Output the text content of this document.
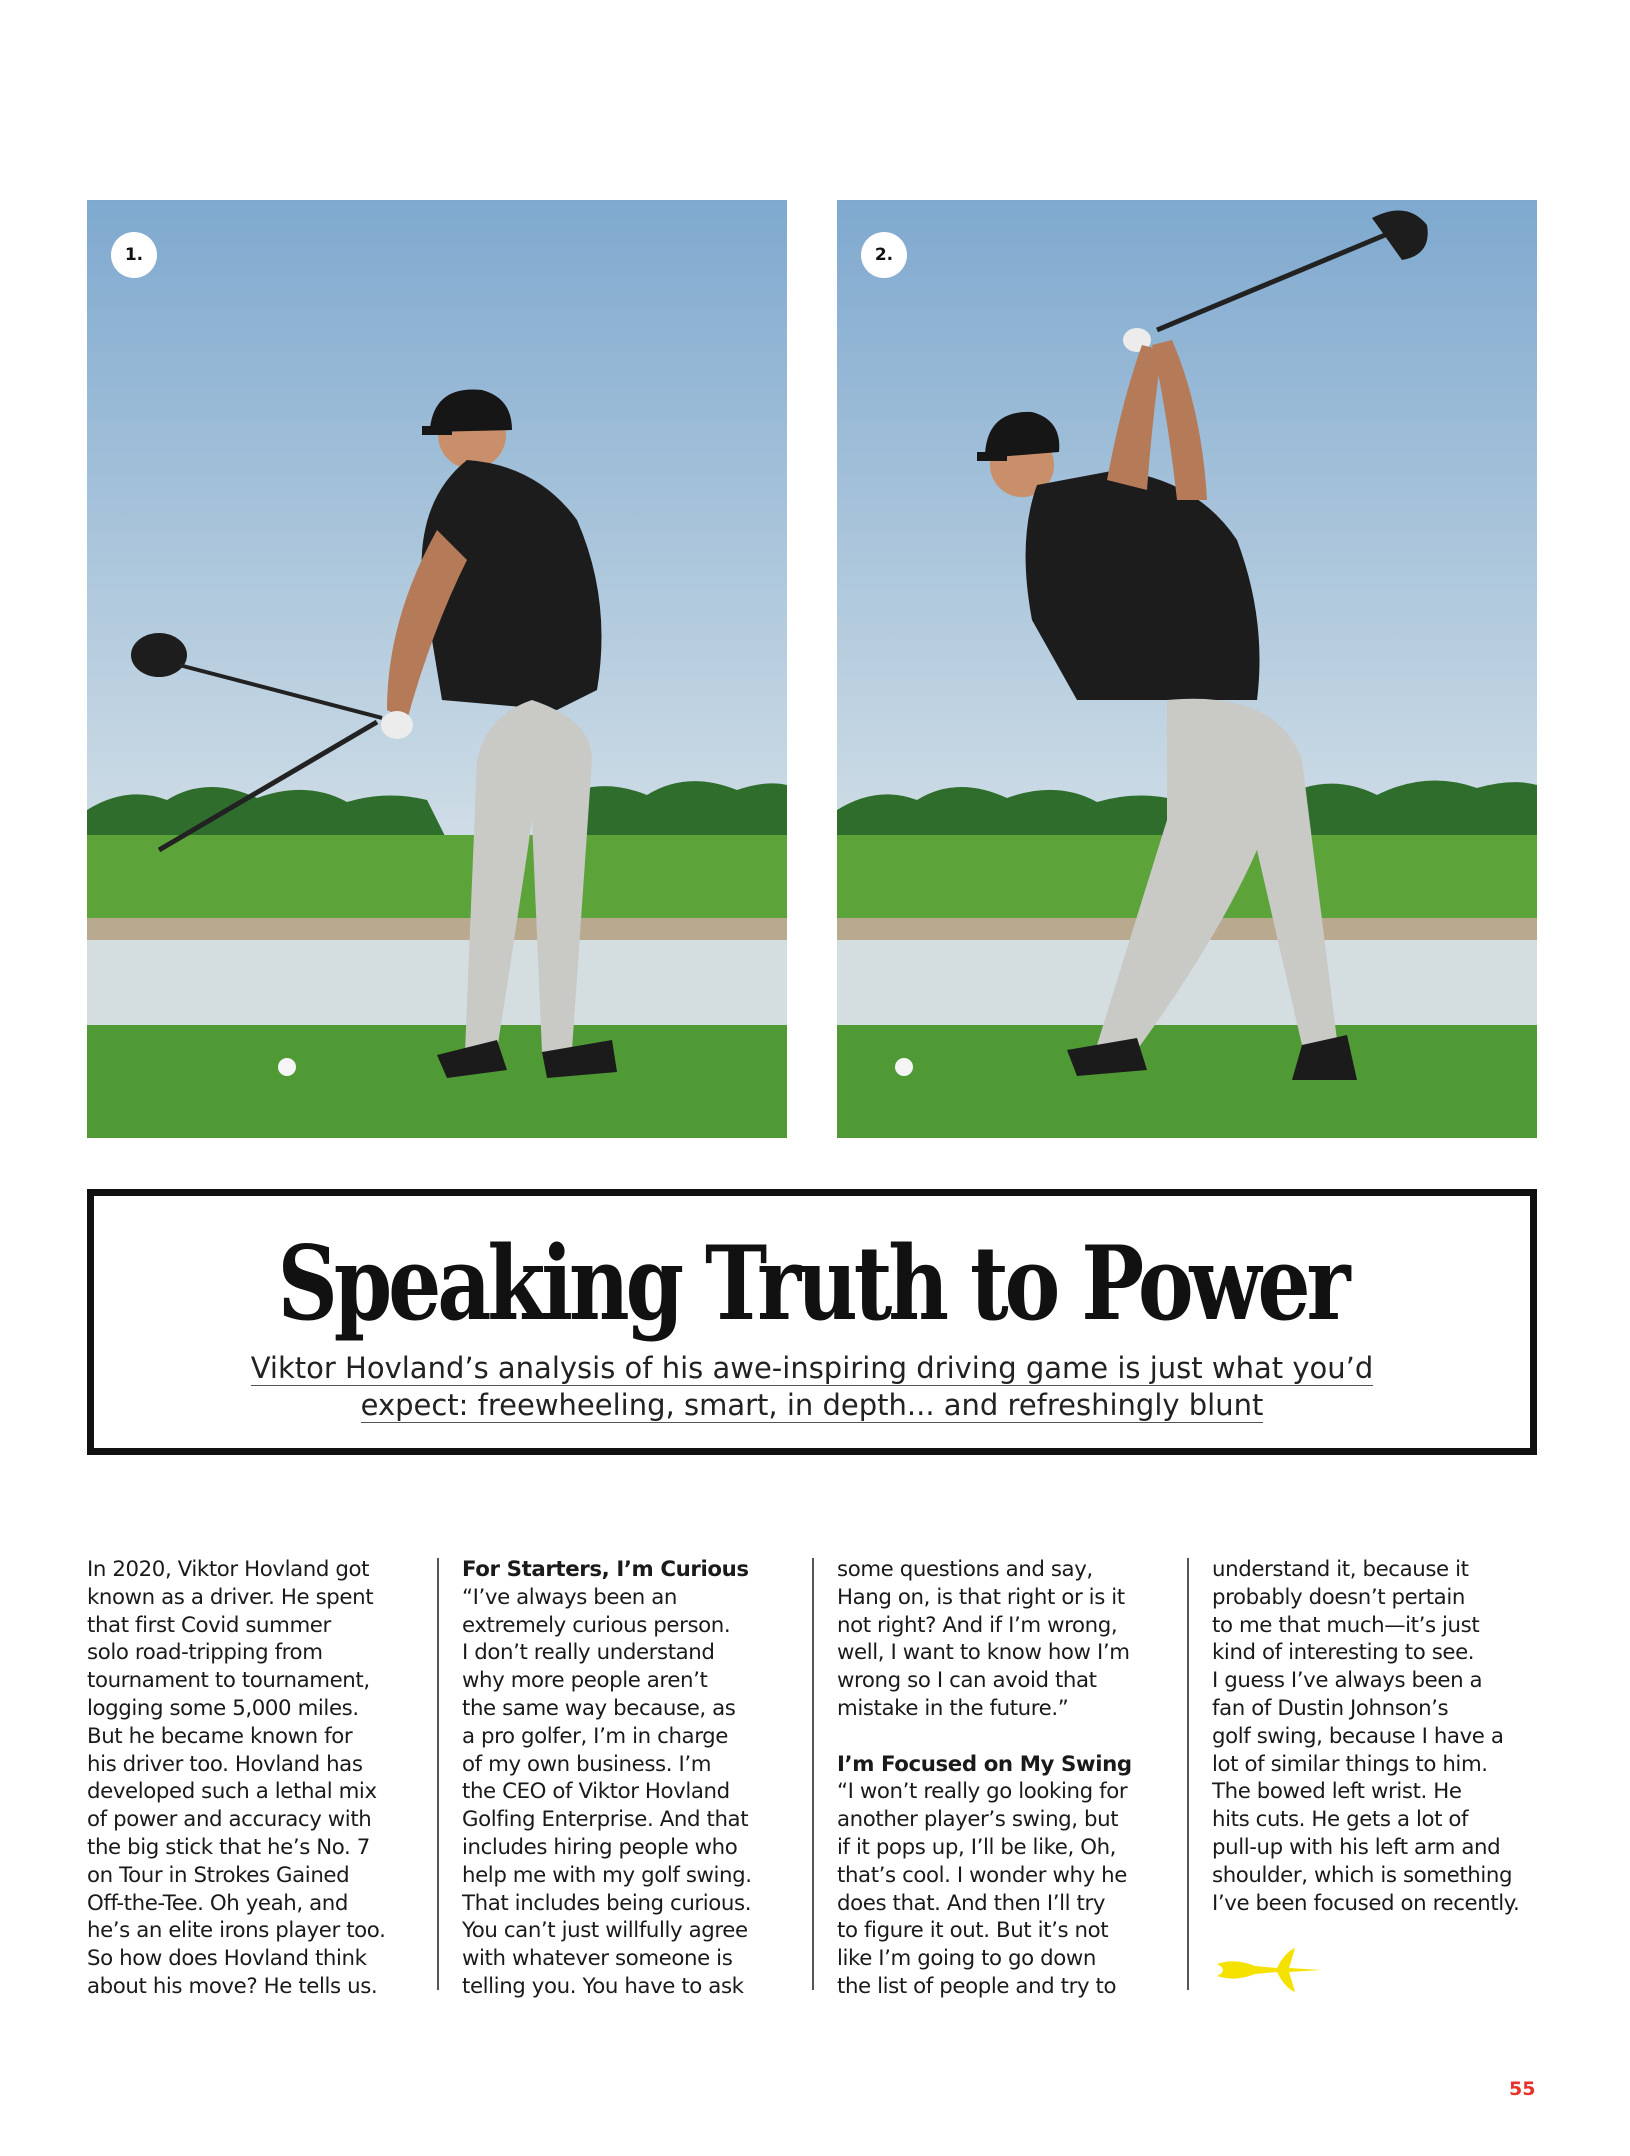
1.	2.
Speaking Truth to Power
Viktor Hovland’s analysis of his awe-inspiring driving game is just what you’d
expect: freewheeling, smart, in depth... and refreshingly blunt

In 2020, Viktor Hovland got

known as a driver. He spent

that first Covid summer

solo road-tripping from

tournament to tournament,

logging some 5,000 miles.

But he became known for

his driver too. Hovland has

developed such a lethal mix

of power and accuracy with

the big stick that he’s No. 7

on Tour in Strokes Gained

Off-the-Tee. Oh yeah, and

he’s an elite irons player too.

So how does Hovland think

about his move? He tells us.

For Starters, I’m Curious

“I’ve always been an

extremely curious person.

I don’t really understand

why more people aren’t

the same way because, as

a pro golfer, I’m in charge

of my own business. I’m

the CEO of Viktor Hovland

Golfing Enterprise. And that

includes hiring people who

help me with my golf swing.

That includes being curious.

You can’t just willfully agree

with whatever someone is

telling you. You have to ask

some questions and say,

Hang on, is that right or is it

not right? And if I’m wrong,

well, I want to know how I’m

wrong so I can avoid that

mistake in the future.”

I’m Focused on My Swing

“I won’t really go looking for

another player’s swing, but

if it pops up, I’ll be like, Oh,

that’s cool. I wonder why he

does that. And then I’ll try

to figure it out. But it’s not

like I’m going to go down

the list of people and try to

understand it, because it

probably doesn’t pertain

to me that much—it’s just

kind of interesting to see.

I guess I’ve always been a

fan of Dustin Johnson’s

golf swing, because I have a

lot of similar things to him.

The bowed left wrist. He

hits cuts. He gets a lot of

pull-up with his left arm and

shoulder, which is something

I’ve been focused on recently.

55
